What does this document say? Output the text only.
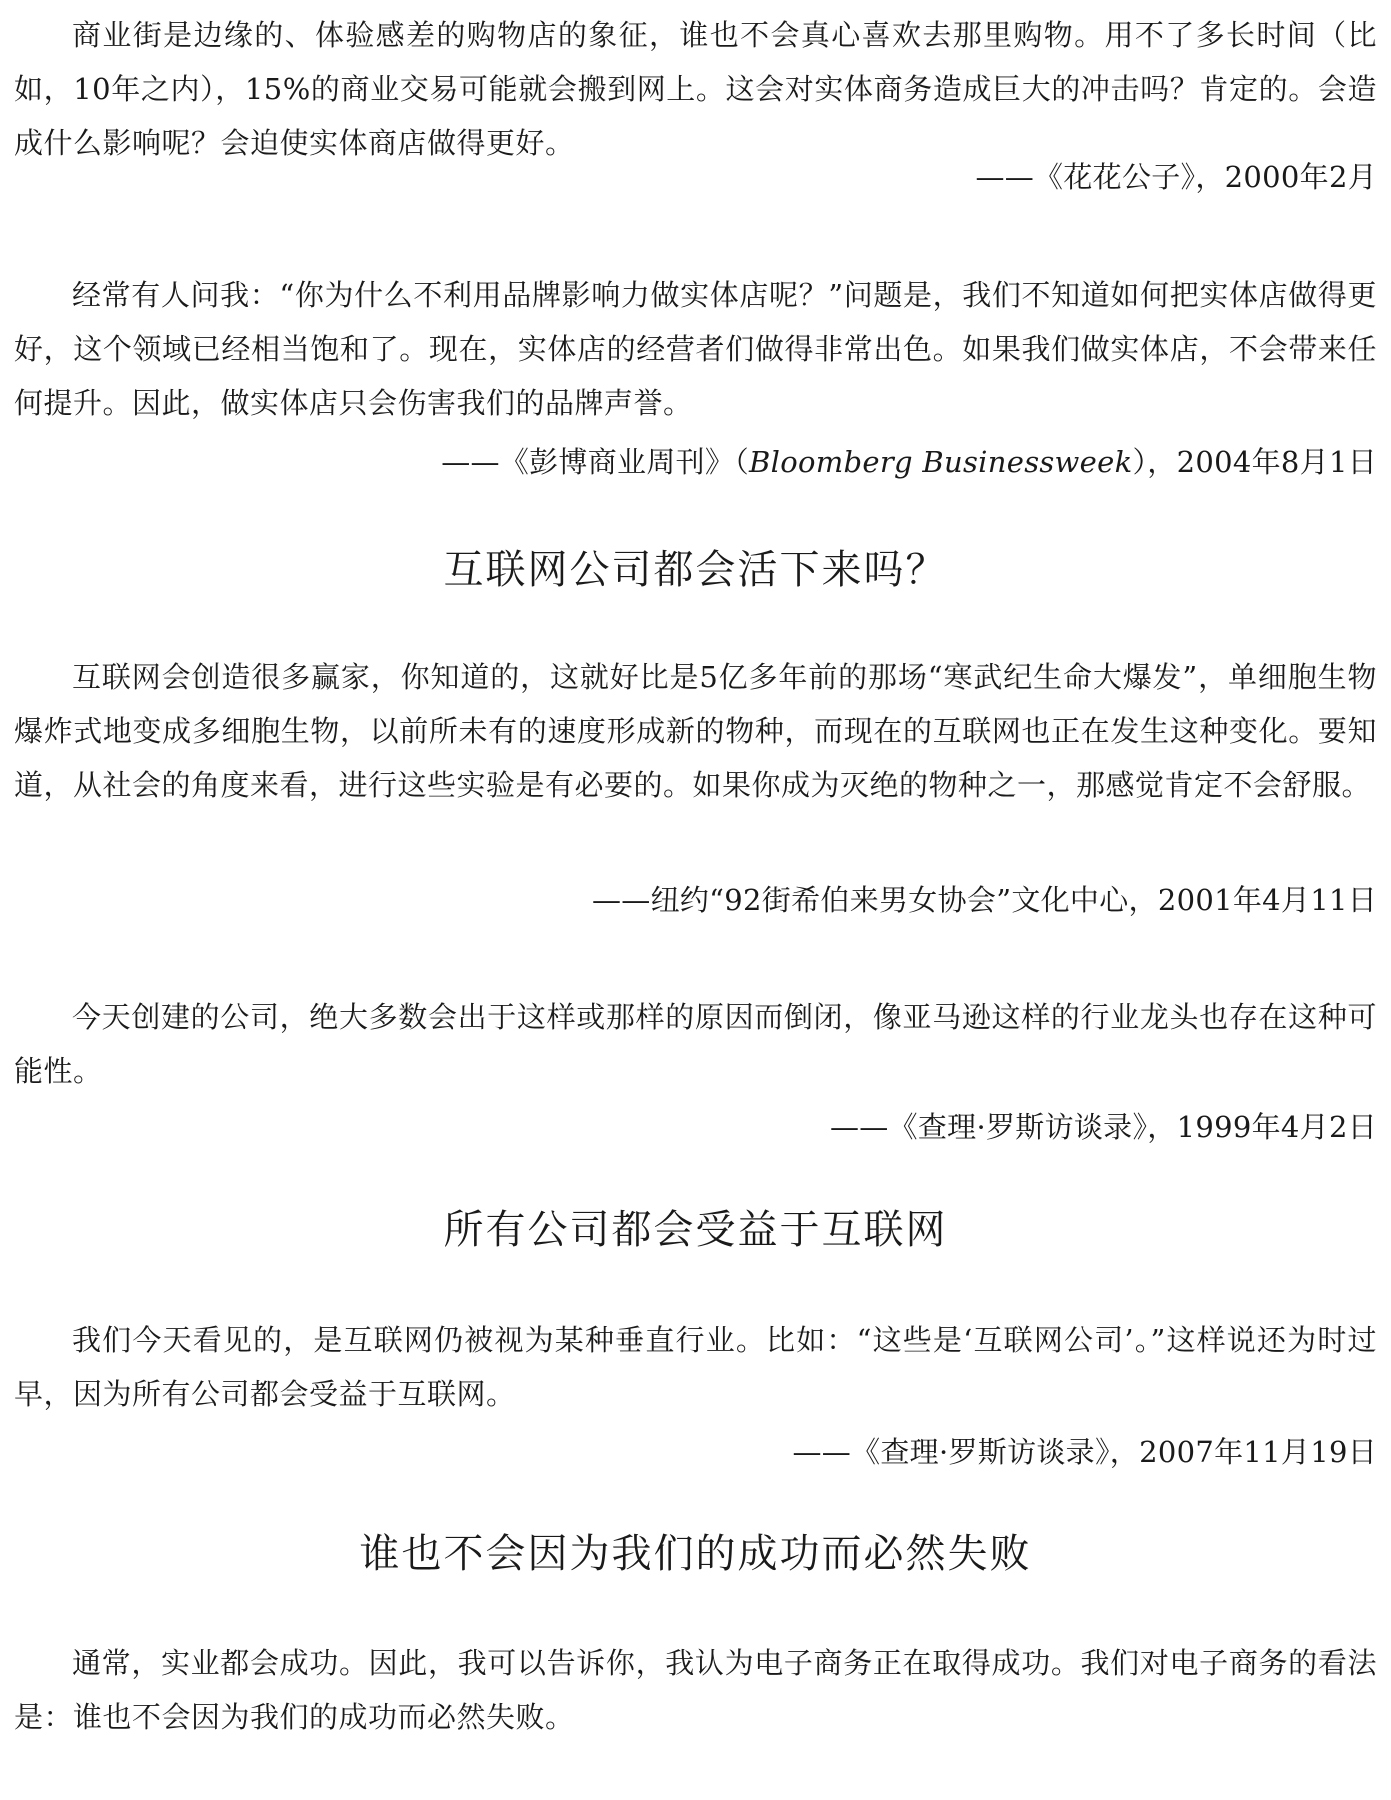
商业街是边缘的、体验感差的购物店的象征，谁也不会真心喜欢去那里购物。用不了多长时间（比如，10年之内），15%的商业交易可能就会搬到网上。这会对实体商务造成巨大的冲击吗？肯定的。会造成什么影响呢？会迫使实体商店做得更好。

——《花花公子》，2000年2月

经常有人问我：“你为什么不利用品牌影响力做实体店呢？”问题是，我们不知道如何把实体店做得更好，这个领域已经相当饱和了。现在，实体店的经营者们做得非常出色。如果我们做实体店，不会带来任何提升。因此，做实体店只会伤害我们的品牌声誉。

——《彭博商业周刊》（Bloomberg Businessweek），2004年8月1日

互联网公司都会活下来吗？

互联网会创造很多赢家，你知道的，这就好比是5亿多年前的那场“寒武纪生命大爆发”，单细胞生物爆炸式地变成多细胞生物，以前所未有的速度形成新的物种，而现在的互联网也正在发生这种变化。要知道，从社会的角度来看，进行这些实验是有必要的。如果你成为灭绝的物种之一，那感觉肯定不会舒服。

——纽约“92街希伯来男女协会”文化中心，2001年4月11日

今天创建的公司，绝大多数会出于这样或那样的原因而倒闭，像亚马逊这样的行业龙头也存在这种可能性。

——《查理·罗斯访谈录》，1999年4月2日

所有公司都会受益于互联网

我们今天看见的，是互联网仍被视为某种垂直行业。比如：“这些是‘互联网公司’。”这样说还为时过早，因为所有公司都会受益于互联网。

——《查理·罗斯访谈录》，2007年11月19日

谁也不会因为我们的成功而必然失败

通常，实业都会成功。因此，我可以告诉你，我认为电子商务正在取得成功。我们对电子商务的看法是：谁也不会因为我们的成功而必然失败。
